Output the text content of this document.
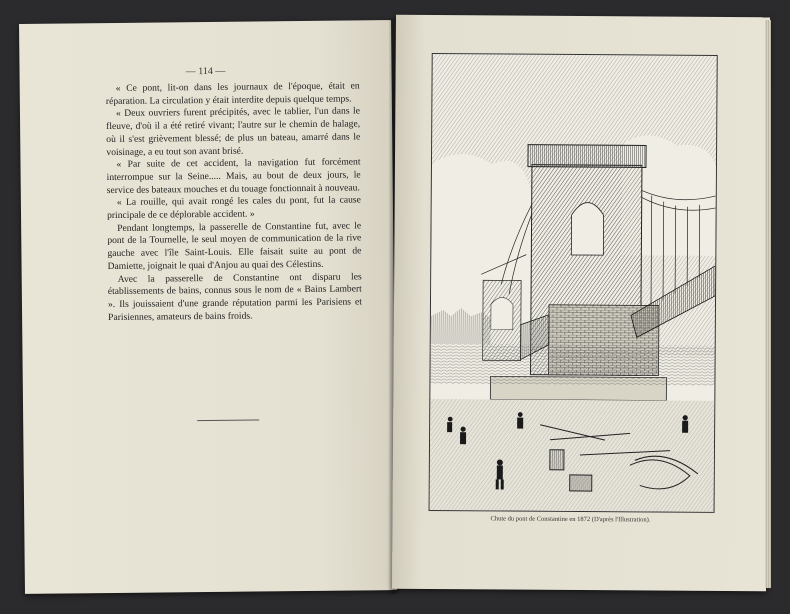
— 114 —

« Ce pont, lit-on dans les journaux de l'époque, était en réparation. La circulation y était interdite depuis quelque temps.

« Deux ouvriers furent précipités, avec le tablier, l'un dans le fleuve, d'où il a été retiré vivant; l'autre sur le chemin de halage, où il s'est grièvement blessé; de plus un bateau, amarré dans le voisinage, a eu tout son avant brisé.

« Par suite de cet accident, la navigation fut forcément interrompue sur la Seine..... Mais, au bout de deux jours, le service des bateaux mouches et du touage fonctionnait à nouveau.

« La rouille, qui avait rongé les cales du pont, fut la cause principale de ce déplorable accident. »

Pendant longtemps, la passerelle de Constantine fut, avec le pont de la Tournelle, le seul moyen de communication de la rive gauche avec l'île Saint-Louis. Elle faisait suite au pont de Damiette, joignait le quai d'Anjou au quai des Célestins.

Avec la passerelle de Constantine ont disparu les établissements de bains, connus sous le nom de « Bains Lambert ». Ils jouissaient d'une grande réputation parmi les Parisiens et Parisiennes, amateurs de bains froids.

Chute du pont de Constantine en 1872 (D'après l'Illustration).
